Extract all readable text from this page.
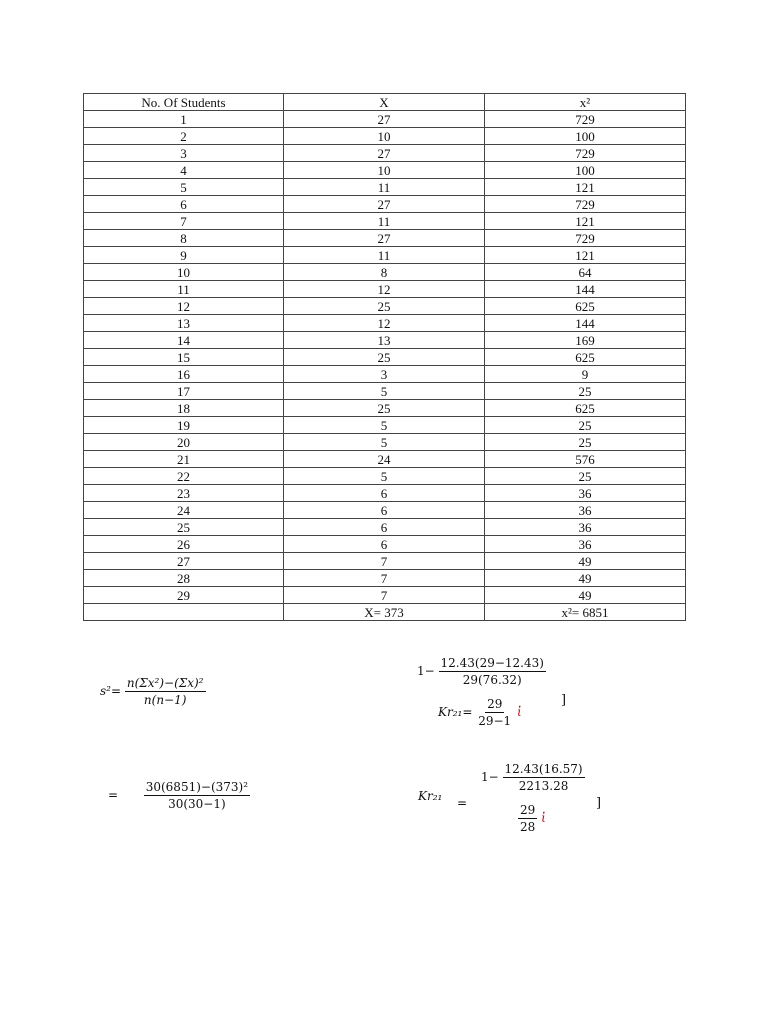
No. Of Students	X	x²
1	27	729
2	10	100
3	27	729
4	10	100
5	11	121
6	27	729
7	11	121
8	27	729
9	11	121
10	8	64
11	12	144
12	25	625
13	12	144
14	13	169
15	25	625
16	3	9
17	5	25
18	25	625
19	5	25
20	5	25
21	24	576
22	5	25
23	6	36
24	6	36
25	6	36
26	6	36
27	7	49
28	7	49
29	7	49
	X= 373	x²= 6851
$s^2= \frac{\text{n(Σx²)−(Σx)²}}{n(n-1)}$
= $\frac{\text{30(6851)−(373)²}}{30(30-1)}$
$1- \frac{12.43(29-12.43)}{29(76.32)}$
$Kr_{21}= \frac{29}{29-1}$ ἰ
]
Kr₂₁ =
$1- \frac{12.43(16.57)}{2213.28}$
$\frac{29}{28}$ ἰ
]
